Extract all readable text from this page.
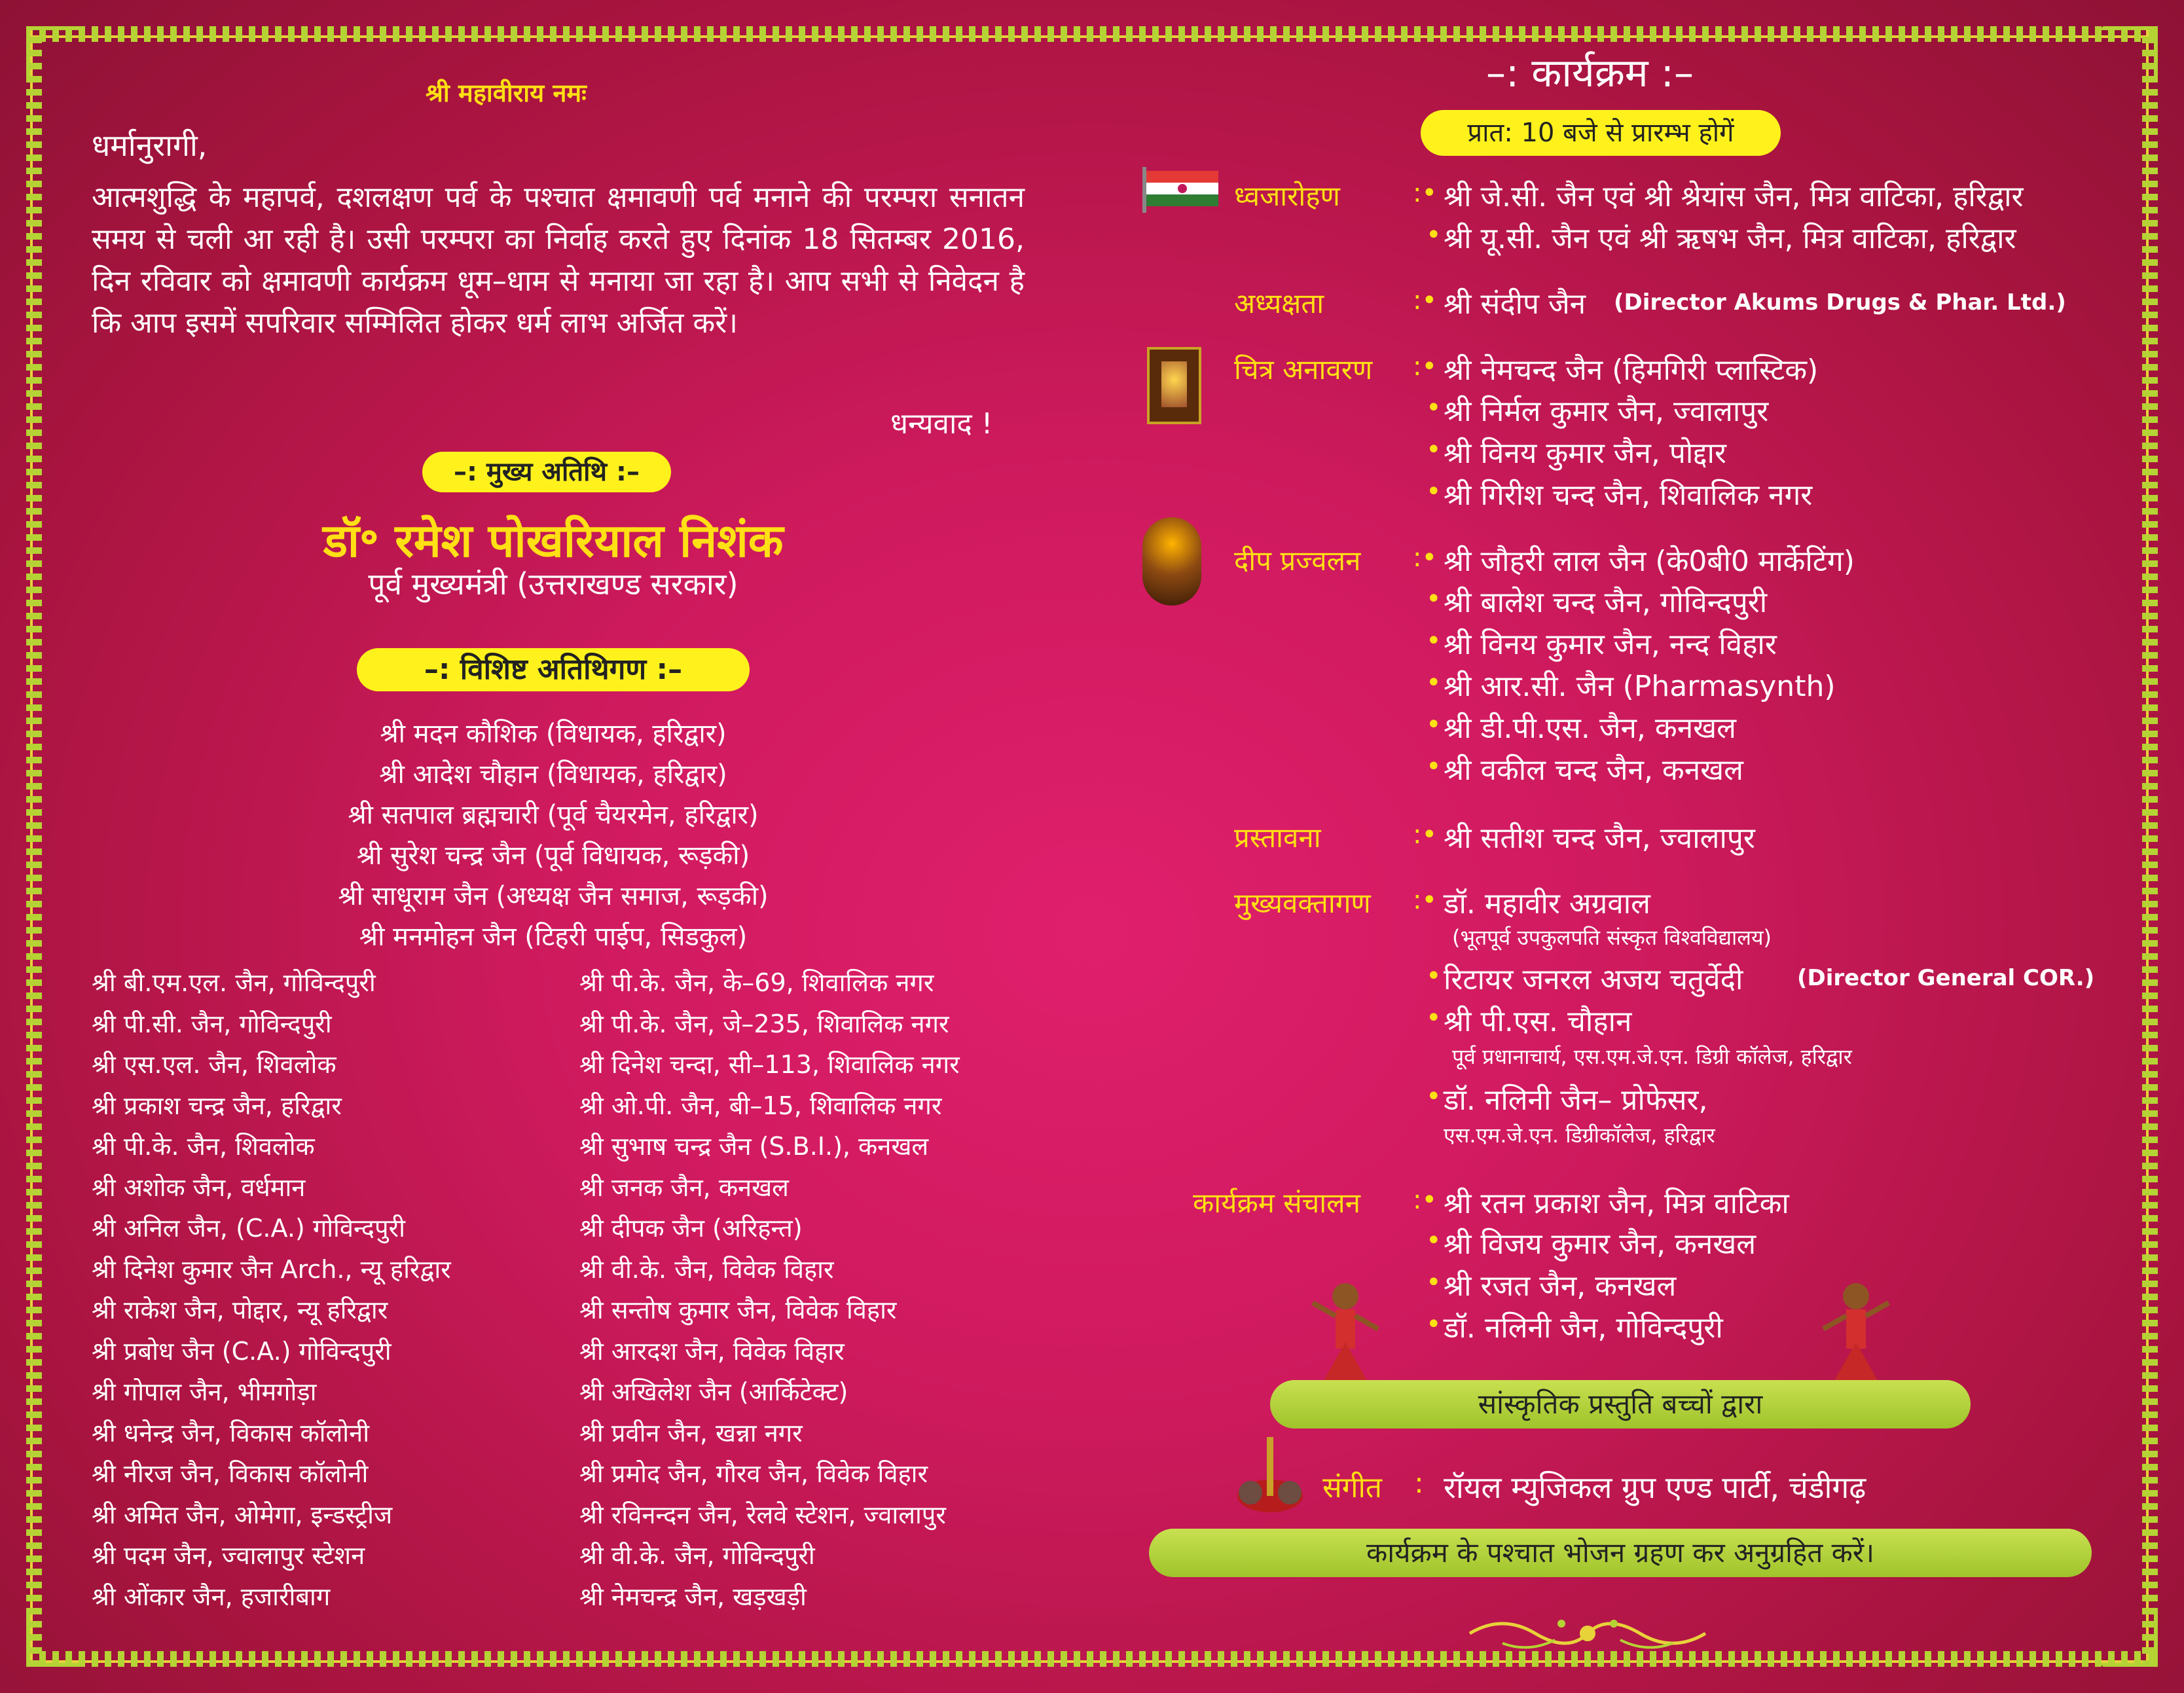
श्री महावीराय नमः
धर्मानुरागी,
आत्मशुद्धि के महापर्व, दशलक्षण पर्व के पश्चात क्षमावणी पर्व मनाने की परम्परा सनातन समय से चली आ रही है। उसी परम्परा का निर्वाह करते हुए दिनांक 18 सितम्बर 2016, दिन रविवार को क्षमावणी कार्यक्रम धूम–धाम से मनाया जा रहा है। आप सभी से निवेदन है कि आप इसमें सपरिवार सम्मिलित होकर धर्म लाभ अर्जित करें।
धन्यवाद !
–: मुख्य अतिथि :–
डॉ॰ रमेश पोखरियाल निशंक
पूर्व मुख्यमंत्री (उत्तराखण्ड सरकार)
–: विशिष्ट अतिथिगण :–
श्री मदन कौशिक (विधायक, हरिद्वार)
श्री आदेश चौहान (विधायक, हरिद्वार)
श्री सतपाल ब्रह्मचारी (पूर्व चैयरमेन, हरिद्वार)
श्री सुरेश चन्द्र जैन (पूर्व विधायक, रूड़की)
श्री साधूराम जैन (अध्यक्ष जैन समाज, रूड़की)
श्री मनमोहन जैन (टिहरी पाईप, सिडकुल)
श्री बी.एम.एल. जैन, गोविन्दपुरी
श्री पी.सी. जैन, गोविन्दपुरी
श्री एस.एल. जैन, शिवलोक
श्री प्रकाश चन्द्र जैन, हरिद्वार
श्री पी.के. जैन, शिवलोक
श्री अशोक जैन, वर्धमान
श्री अनिल जैन, (C.A.) गोविन्दपुरी
श्री दिनेश कुमार जैन Arch., न्यू हरिद्वार
श्री राकेश जैन, पोद्दार, न्यू हरिद्वार
श्री प्रबोध जैन (C.A.) गोविन्दपुरी
श्री गोपाल जैन, भीमगोड़ा
श्री धनेन्द्र जैन, विकास कॉलोनी
श्री नीरज जैन, विकास कॉलोनी
श्री अमित जैन, ओमेगा, इन्डस्ट्रीज
श्री पदम जैन, ज्वालापुर स्टेशन
श्री ओंकार जैन, हजारीबाग
श्री पी.के. जैन, के–69, शिवालिक नगर
श्री पी.के. जैन, जे–235, शिवालिक नगर
श्री दिनेश चन्दा, सी–113, शिवालिक नगर
श्री ओ.पी. जैन, बी–15, शिवालिक नगर
श्री सुभाष चन्द्र जैन (S.B.I.), कनखल
श्री जनक जैन, कनखल
श्री दीपक जैन (अरिहन्त)
श्री वी.के. जैन, विवेक विहार
श्री सन्तोष कुमार जैन, विवेक विहार
श्री आरदश जैन, विवेक विहार
श्री अखिलेश जैन (आर्किटेक्ट)
श्री प्रवीन जैन, खन्ना नगर
श्री प्रमोद जैन, गौरव जैन, विवेक विहार
श्री रविनन्दन जैन, रेलवे स्टेशन, ज्वालापुर
श्री वी.के. जैन, गोविन्दपुरी
श्री नेमचन्द्र जैन, खड़खड़ी
–: कार्यक्रम :–
प्रात: 10 बजे से प्रारम्भ होगें
ध्वजारोहण	:• श्री जे.सी. जैन एवं श्री श्रेयांस जैन, मित्र वाटिका, हरिद्वार
• श्री यू.सी. जैन एवं श्री ऋषभ जैन, मित्र वाटिका, हरिद्वार
अध्यक्षता	:• श्री संदीप जैन (Director Akums Drugs & Phar. Ltd.)
चित्र अनावरण :• श्री नेमचन्द जैन (हिमगिरी प्लास्टिक)
• श्री निर्मल कुमार जैन, ज्वालापुर
• श्री विनय कुमार जैन, पोद्दार
• श्री गिरीश चन्द जैन, शिवालिक नगर
दीप प्रज्वलन :• श्री जौहरी लाल जैन (के0बी0 मार्केटिंग)
• श्री बालेश चन्द जैन, गोविन्दपुरी
• श्री विनय कुमार जैन, नन्द विहार
• श्री आर.सी. जैन (Pharmasynth)
• श्री डी.पी.एस. जैन, कनखल
• श्री वकील चन्द जैन, कनखल
प्रस्तावना	:• श्री सतीश चन्द जैन, ज्वालापुर
मुख्यवक्तागण :• डॉ. महावीर अग्रवाल
(भूतपूर्व उपकुलपति संस्कृत विश्वविद्यालय)
• रिटायर जनरल अजय चतुर्वेदी (Director General COR.)
• श्री पी.एस. चौहान
पूर्व प्रधानाचार्य, एस.एम.जे.एन. डिग्री कॉलेज, हरिद्वार
• डॉ. नलिनी जैन– प्रोफेसर,
एस.एम.जे.एन. डिग्रीकॉलेज, हरिद्वार
कार्यक्रम संचालन :• श्री रतन प्रकाश जैन, मित्र वाटिका
• श्री विजय कुमार जैन, कनखल
• श्री रजत जैन, कनखल
• डॉ. नलिनी जैन, गोविन्दपुरी
सांस्कृतिक प्रस्तुति बच्चों द्वारा
संगीत : रॉयल म्युजिकल ग्रुप एण्ड पार्टी, चंडीगढ़
कार्यक्रम के पश्चात भोजन ग्रहण कर अनुग्रहित करें।
